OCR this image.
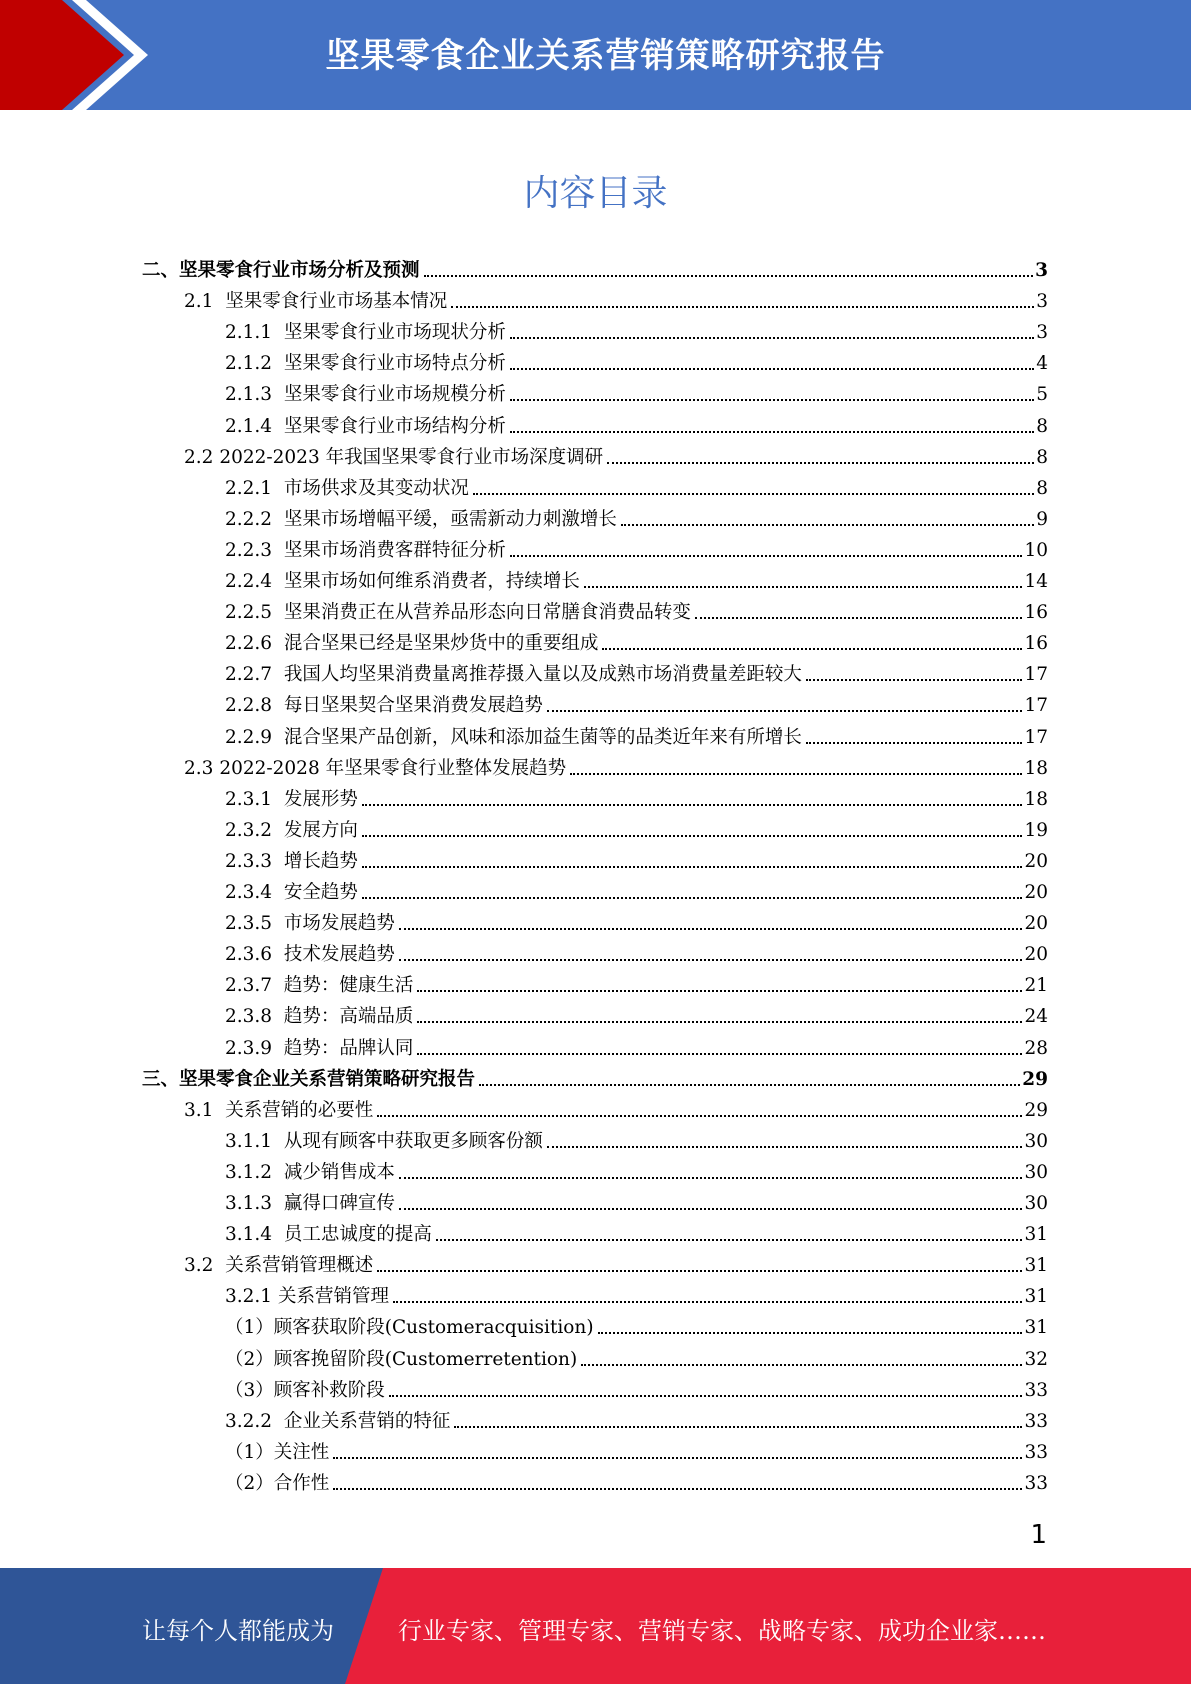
坚果零食企业关系营销策略研究报告
内容目录
二、坚果零食行业市场分析及预测	3
2.1 坚果零食行业市场基本情况	3
2.1.1 坚果零食行业市场现状分析	3
2.1.2 坚果零食行业市场特点分析	4
2.1.3 坚果零食行业市场规模分析	5
2.1.4 坚果零食行业市场结构分析	8
2.2 2022-2023 年我国坚果零食行业市场深度调研	8
2.2.1 市场供求及其变动状况	8
2.2.2 坚果市场增幅平缓，亟需新动力刺激增长	9
2.2.3 坚果市场消费客群特征分析	10
2.2.4 坚果市场如何维系消费者，持续增长	14
2.2.5 坚果消费正在从营养品形态向日常膳食消费品转变	16
2.2.6 混合坚果已经是坚果炒货中的重要组成	16
2.2.7 我国人均坚果消费量离推荐摄入量以及成熟市场消费量差距较大	17
2.2.8 每日坚果契合坚果消费发展趋势	17
2.2.9 混合坚果产品创新，风味和添加益生菌等的品类近年来有所增长	17
2.3 2022-2028 年坚果零食行业整体发展趋势	18
2.3.1 发展形势	18
2.3.2 发展方向	19
2.3.3 增长趋势	20
2.3.4 安全趋势	20
2.3.5 市场发展趋势	20
2.3.6 技术发展趋势	20
2.3.7 趋势：健康生活	21
2.3.8 趋势：高端品质	24
2.3.9 趋势：品牌认同	28
三、坚果零食企业关系营销策略研究报告	29
3.1 关系营销的必要性	29
3.1.1 从现有顾客中获取更多顾客份额	30
3.1.2 减少销售成本	30
3.1.3 赢得口碑宣传	30
3.1.4 员工忠诚度的提高	31
3.2 关系营销管理概述	31
3.2.1 关系营销管理	31
（1） 顾客获取阶段(Customeracquisition)	31
（2） 顾客挽留阶段(Customerretention)	32
（3） 顾客补救阶段	33
3.2.2 企业关系营销的特征	33
（1） 关注性	33
（2） 合作性	33
1
让每个人都能成为	行业专家、管理专家、营销专家、战略专家、成功企业家……
